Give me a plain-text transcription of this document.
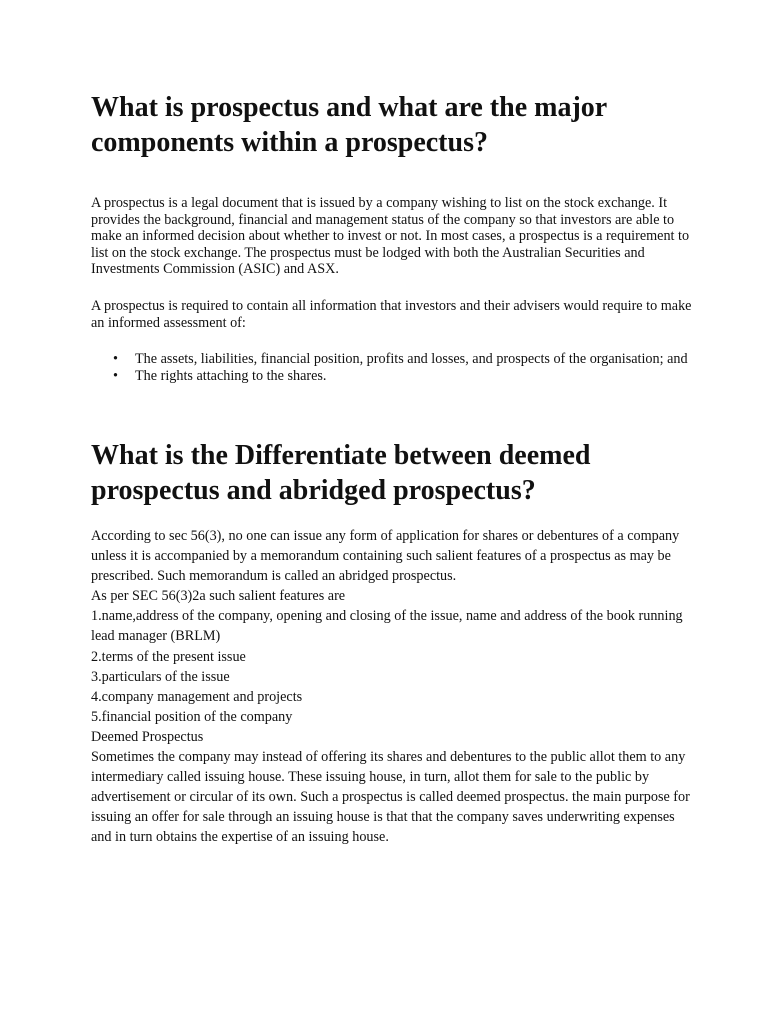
What is prospectus and what are the major components within a prospectus?

A prospectus is a legal document that is issued by a company wishing to list on the stock exchange. It provides the background, financial and management status of the company so that investors are able to make an informed decision about whether to invest or not. In most cases, a prospectus is a requirement to list on the stock exchange. The prospectus must be lodged with both the Australian Securities and Investments Commission (ASIC) and ASX.

A prospectus is required to contain all information that investors and their advisers would require to make an informed assessment of:

• The assets, liabilities, financial position, profits and losses, and prospects of the organisation; and
• The rights attaching to the shares.
What is the Differentiate between deemed prospectus and abridged prospectus?

According to sec 56(3), no one can issue any form of application for shares or debentures of a company unless it is accompanied by a memorandum containing such salient features of a prospectus as may be prescribed. Such memorandum is called an abridged prospectus.

As per SEC 56(3)2a such salient features are

1.name,address of the company, opening and closing of the issue, name and address of the book running lead manager (BRLM)

2.terms of the present issue

3.particulars of the issue

4.company management and projects

5.financial position of the company

Deemed Prospectus

Sometimes the company may instead of offering its shares and debentures to the public allot them to any intermediary called issuing house. These issuing house, in turn, allot them for sale to the public by advertisement or circular of its own. Such a prospectus is called deemed prospectus. the main purpose for issuing an offer for sale through an issuing house is that that the company saves underwriting expenses and in turn obtains the expertise of an issuing house.
